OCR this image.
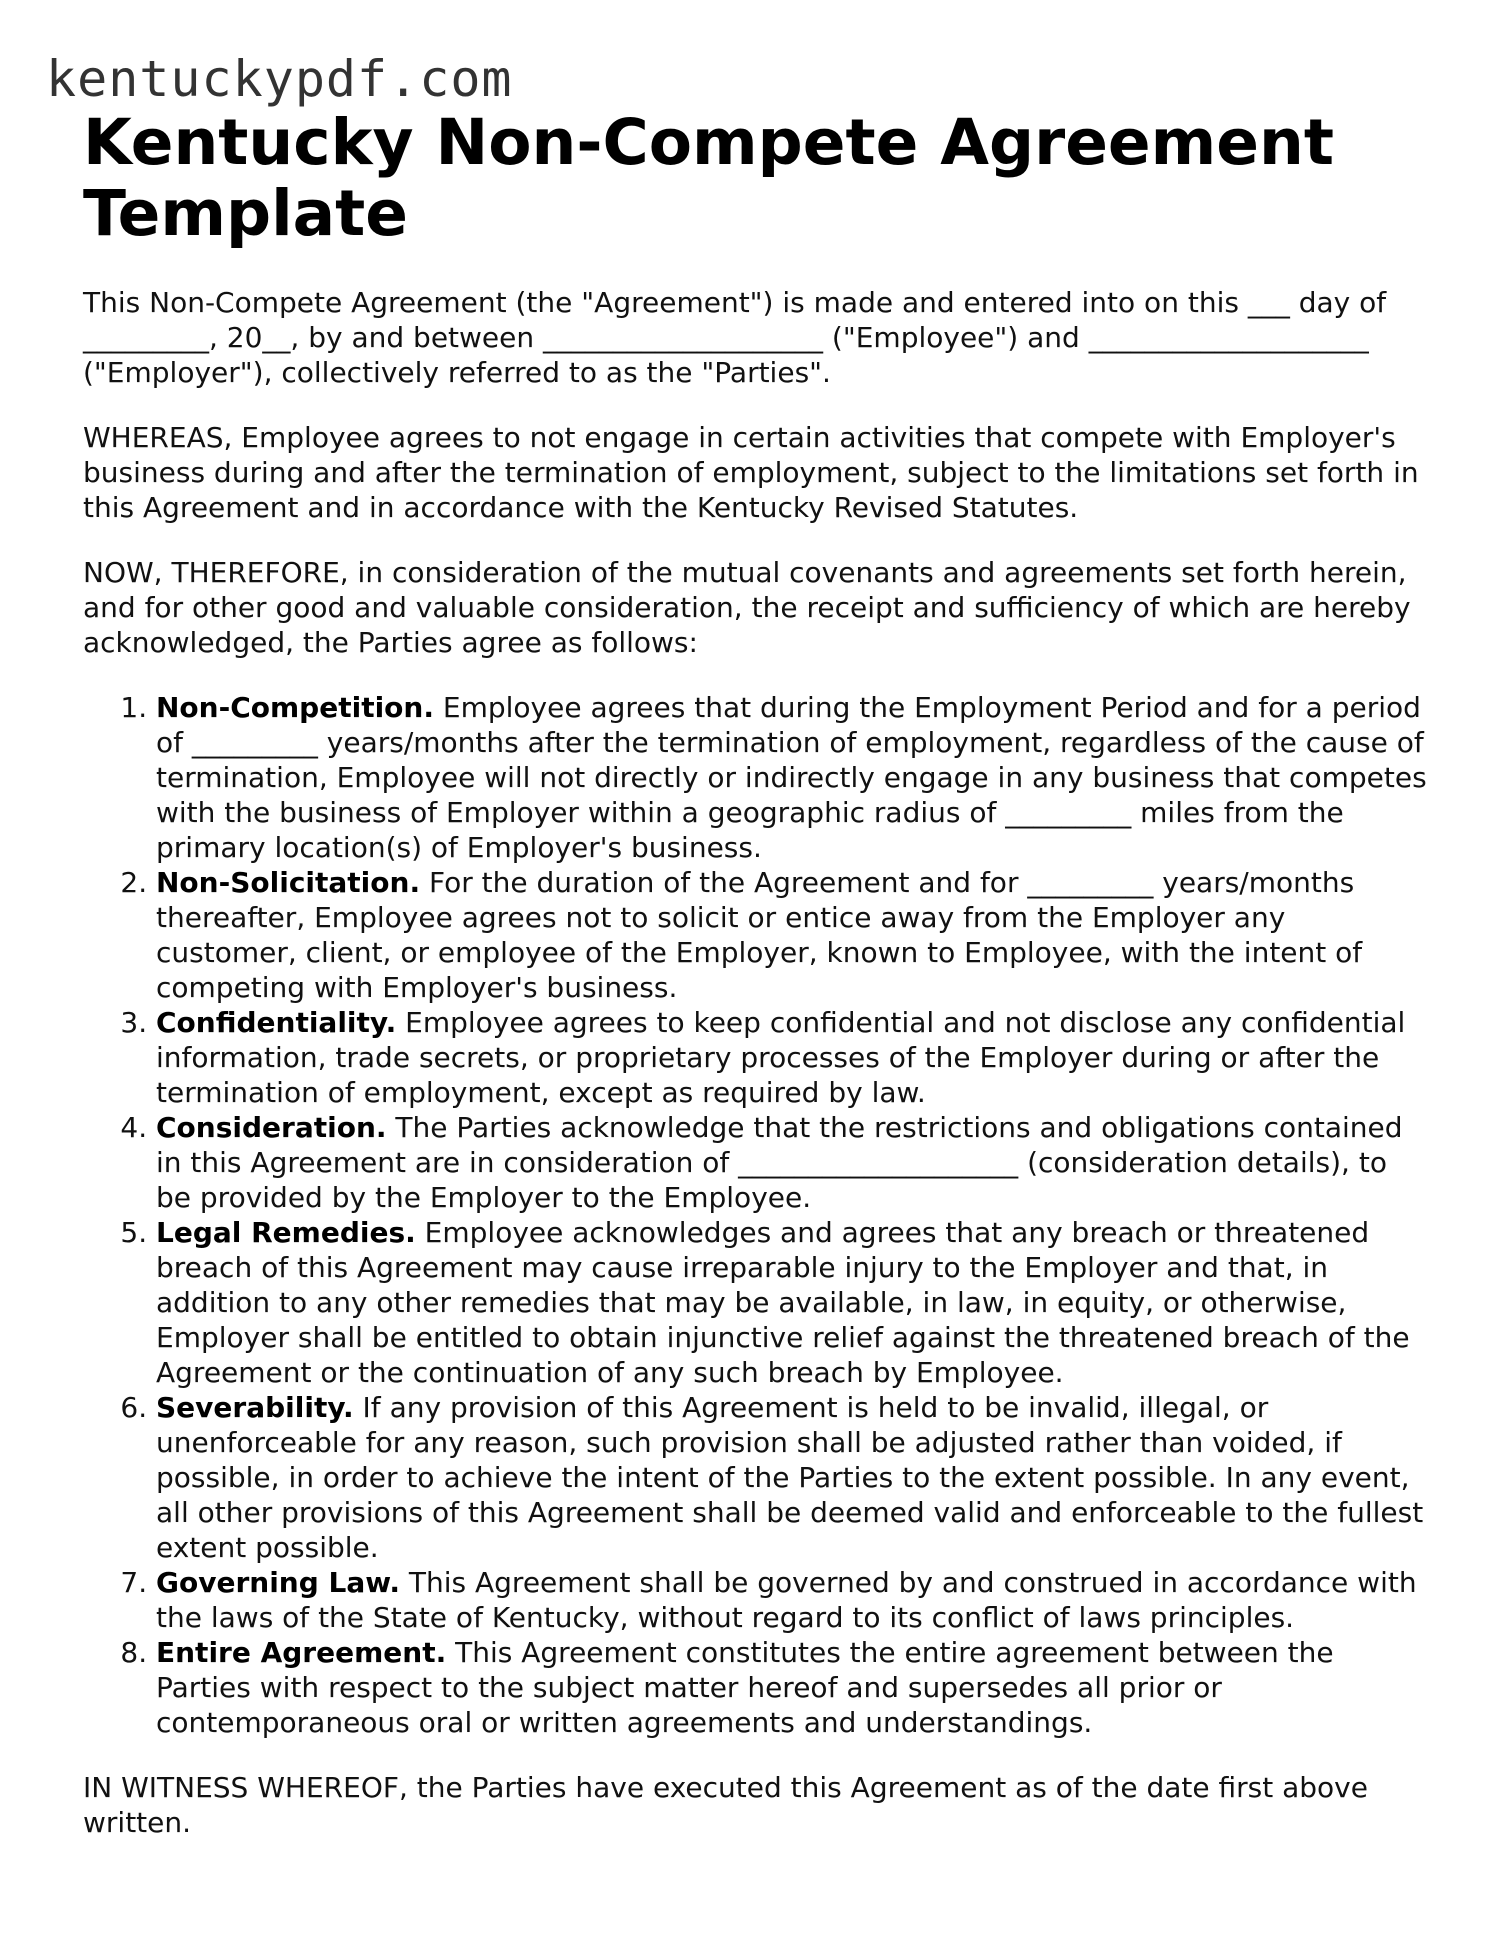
kentuckypdf.com
Kentucky Non-Compete Agreement Template

This Non-Compete Agreement (the "Agreement") is made and entered into on this ___ day of _________, 20__, by and between ____________________ ("Employee") and ____________________ ("Employer"), collectively referred to as the "Parties".

WHEREAS, Employee agrees to not engage in certain activities that compete with Employer's business during and after the termination of employment, subject to the limitations set forth in this Agreement and in accordance with the Kentucky Revised Statutes.

NOW, THEREFORE, in consideration of the mutual covenants and agreements set forth herein, and for other good and valuable consideration, the receipt and sufficiency of which are hereby acknowledged, the Parties agree as follows:

1. Non-Competition. Employee agrees that during the Employment Period and for a period of _________ years/months after the termination of employment, regardless of the cause of termination, Employee will not directly or indirectly engage in any business that competes with the business of Employer within a geographic radius of _________ miles from the primary location(s) of Employer's business.
2. Non-Solicitation. For the duration of the Agreement and for _________ years/months thereafter, Employee agrees not to solicit or entice away from the Employer any customer, client, or employee of the Employer, known to Employee, with the intent of competing with Employer's business.
3. Confidentiality. Employee agrees to keep confidential and not disclose any confidential information, trade secrets, or proprietary processes of the Employer during or after the termination of employment, except as required by law.
4. Consideration. The Parties acknowledge that the restrictions and obligations contained in this Agreement are in consideration of ____________________ (consideration details), to be provided by the Employer to the Employee.
5. Legal Remedies. Employee acknowledges and agrees that any breach or threatened breach of this Agreement may cause irreparable injury to the Employer and that, in addition to any other remedies that may be available, in law, in equity, or otherwise, Employer shall be entitled to obtain injunctive relief against the threatened breach of the Agreement or the continuation of any such breach by Employee.
6. Severability. If any provision of this Agreement is held to be invalid, illegal, or unenforceable for any reason, such provision shall be adjusted rather than voided, if possible, in order to achieve the intent of the Parties to the extent possible. In any event, all other provisions of this Agreement shall be deemed valid and enforceable to the fullest extent possible.
7. Governing Law. This Agreement shall be governed by and construed in accordance with the laws of the State of Kentucky, without regard to its conflict of laws principles.
8. Entire Agreement. This Agreement constitutes the entire agreement between the Parties with respect to the subject matter hereof and supersedes all prior or contemporaneous oral or written agreements and understandings.

IN WITNESS WHEREOF, the Parties have executed this Agreement as of the date first above written.
